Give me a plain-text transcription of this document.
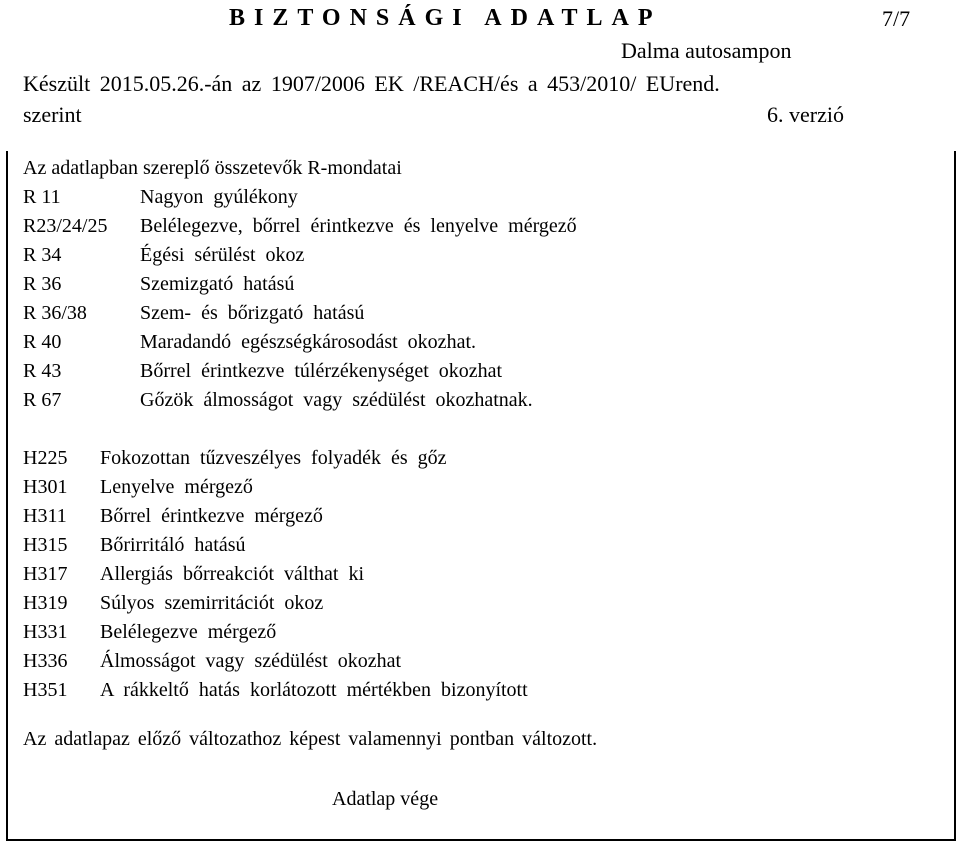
BIZTONSÁGI ADATLAP	7/7
Dalma autosampon
Készült 2015.05.26.-án az 1907/2006 EK /REACH/és a 453/2010/ EUrend.
szerint	6. verzió
Az adatlapban szereplő összetevők R-mondatai
R 11	Nagyon gyúlékony
R23/24/25	Belélegezve, bőrrel érintkezve és lenyelve mérgező
R 34	Égési sérülést okoz
R 36	Szemizgató hatású
R 36/38	Szem- és bőrizgató hatású
R 40	Maradandó egészségkárosodást okozhat.
R 43	Bőrrel érintkezve túlérzékenységet okozhat
R 67	Gőzök álmosságot vagy szédülést okozhatnak.
H225	Fokozottan tűzveszélyes folyadék és gőz
H301	Lenyelve mérgező
H311	Bőrrel érintkezve mérgező
H315	Bőrirritáló hatású
H317	Allergiás bőrreakciót válthat ki
H319	Súlyos szemirritációt okoz
H331	Belélegezve mérgező
H336	Álmosságot vagy szédülést okozhat
H351	A rákkeltő hatás korlátozott mértékben bizonyított
Az adatlapaz előző változathoz képest valamennyi pontban változott.
Adatlap vége
